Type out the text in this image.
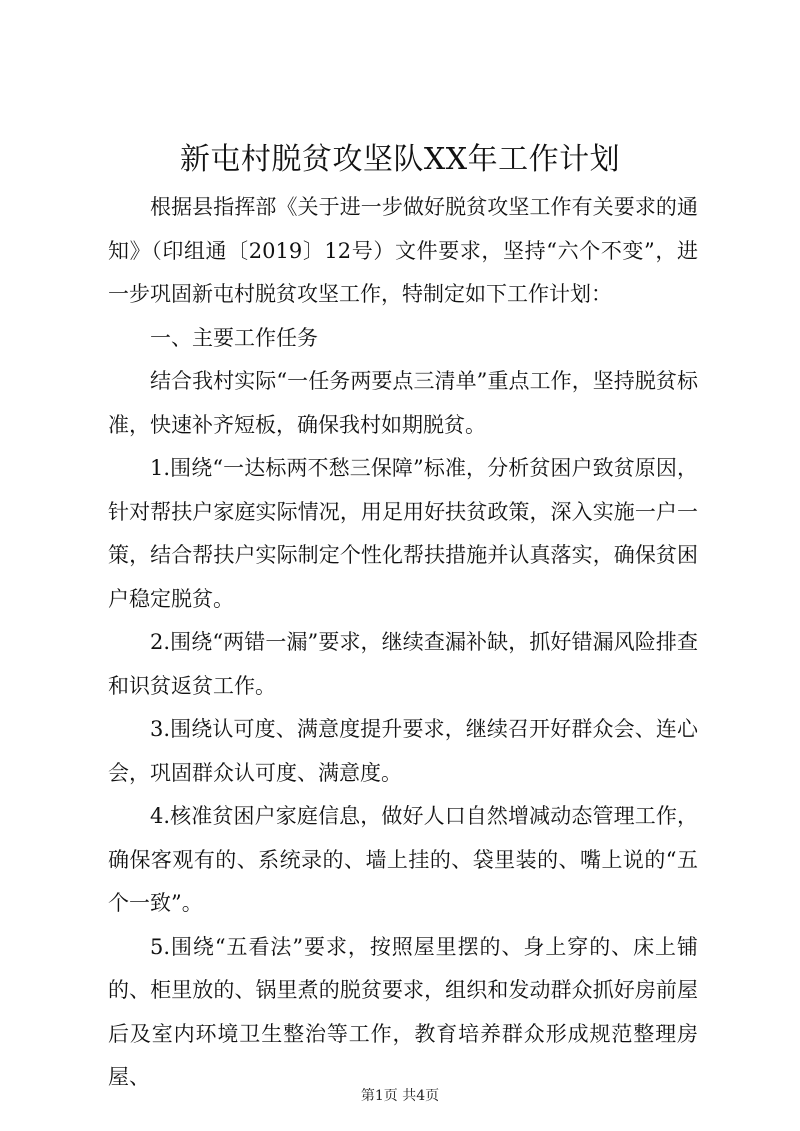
新屯村脱贫攻坚队XX年工作计划

根据县指挥部《关于进一步做好脱贫攻坚工作有关要求的通知》（印组通〔2019〕12号）文件要求，坚持“六个不变”，进一步巩固新屯村脱贫攻坚工作，特制定如下工作计划：

一、主要工作任务

结合我村实际“一任务两要点三清单”重点工作，坚持脱贫标准，快速补齐短板，确保我村如期脱贫。

1.围绕“一达标两不愁三保障”标准，分析贫困户致贫原因，针对帮扶户家庭实际情况，用足用好扶贫政策，深入实施一户一策，结合帮扶户实际制定个性化帮扶措施并认真落实，确保贫困户稳定脱贫。

2.围绕“两错一漏”要求，继续查漏补缺，抓好错漏风险排查和识贫返贫工作。

3.围绕认可度、满意度提升要求，继续召开好群众会、连心会，巩固群众认可度、满意度。

4.核准贫困户家庭信息，做好人口自然增减动态管理工作，确保客观有的、系统录的、墙上挂的、袋里装的、嘴上说的“五个一致”。

5.围绕“五看法”要求，按照屋里摆的、身上穿的、床上铺的、柜里放的、锅里煮的脱贫要求，组织和发动群众抓好房前屋后及室内环境卫生整治等工作，教育培养群众形成规范整理房屋、

第1页 共4页
